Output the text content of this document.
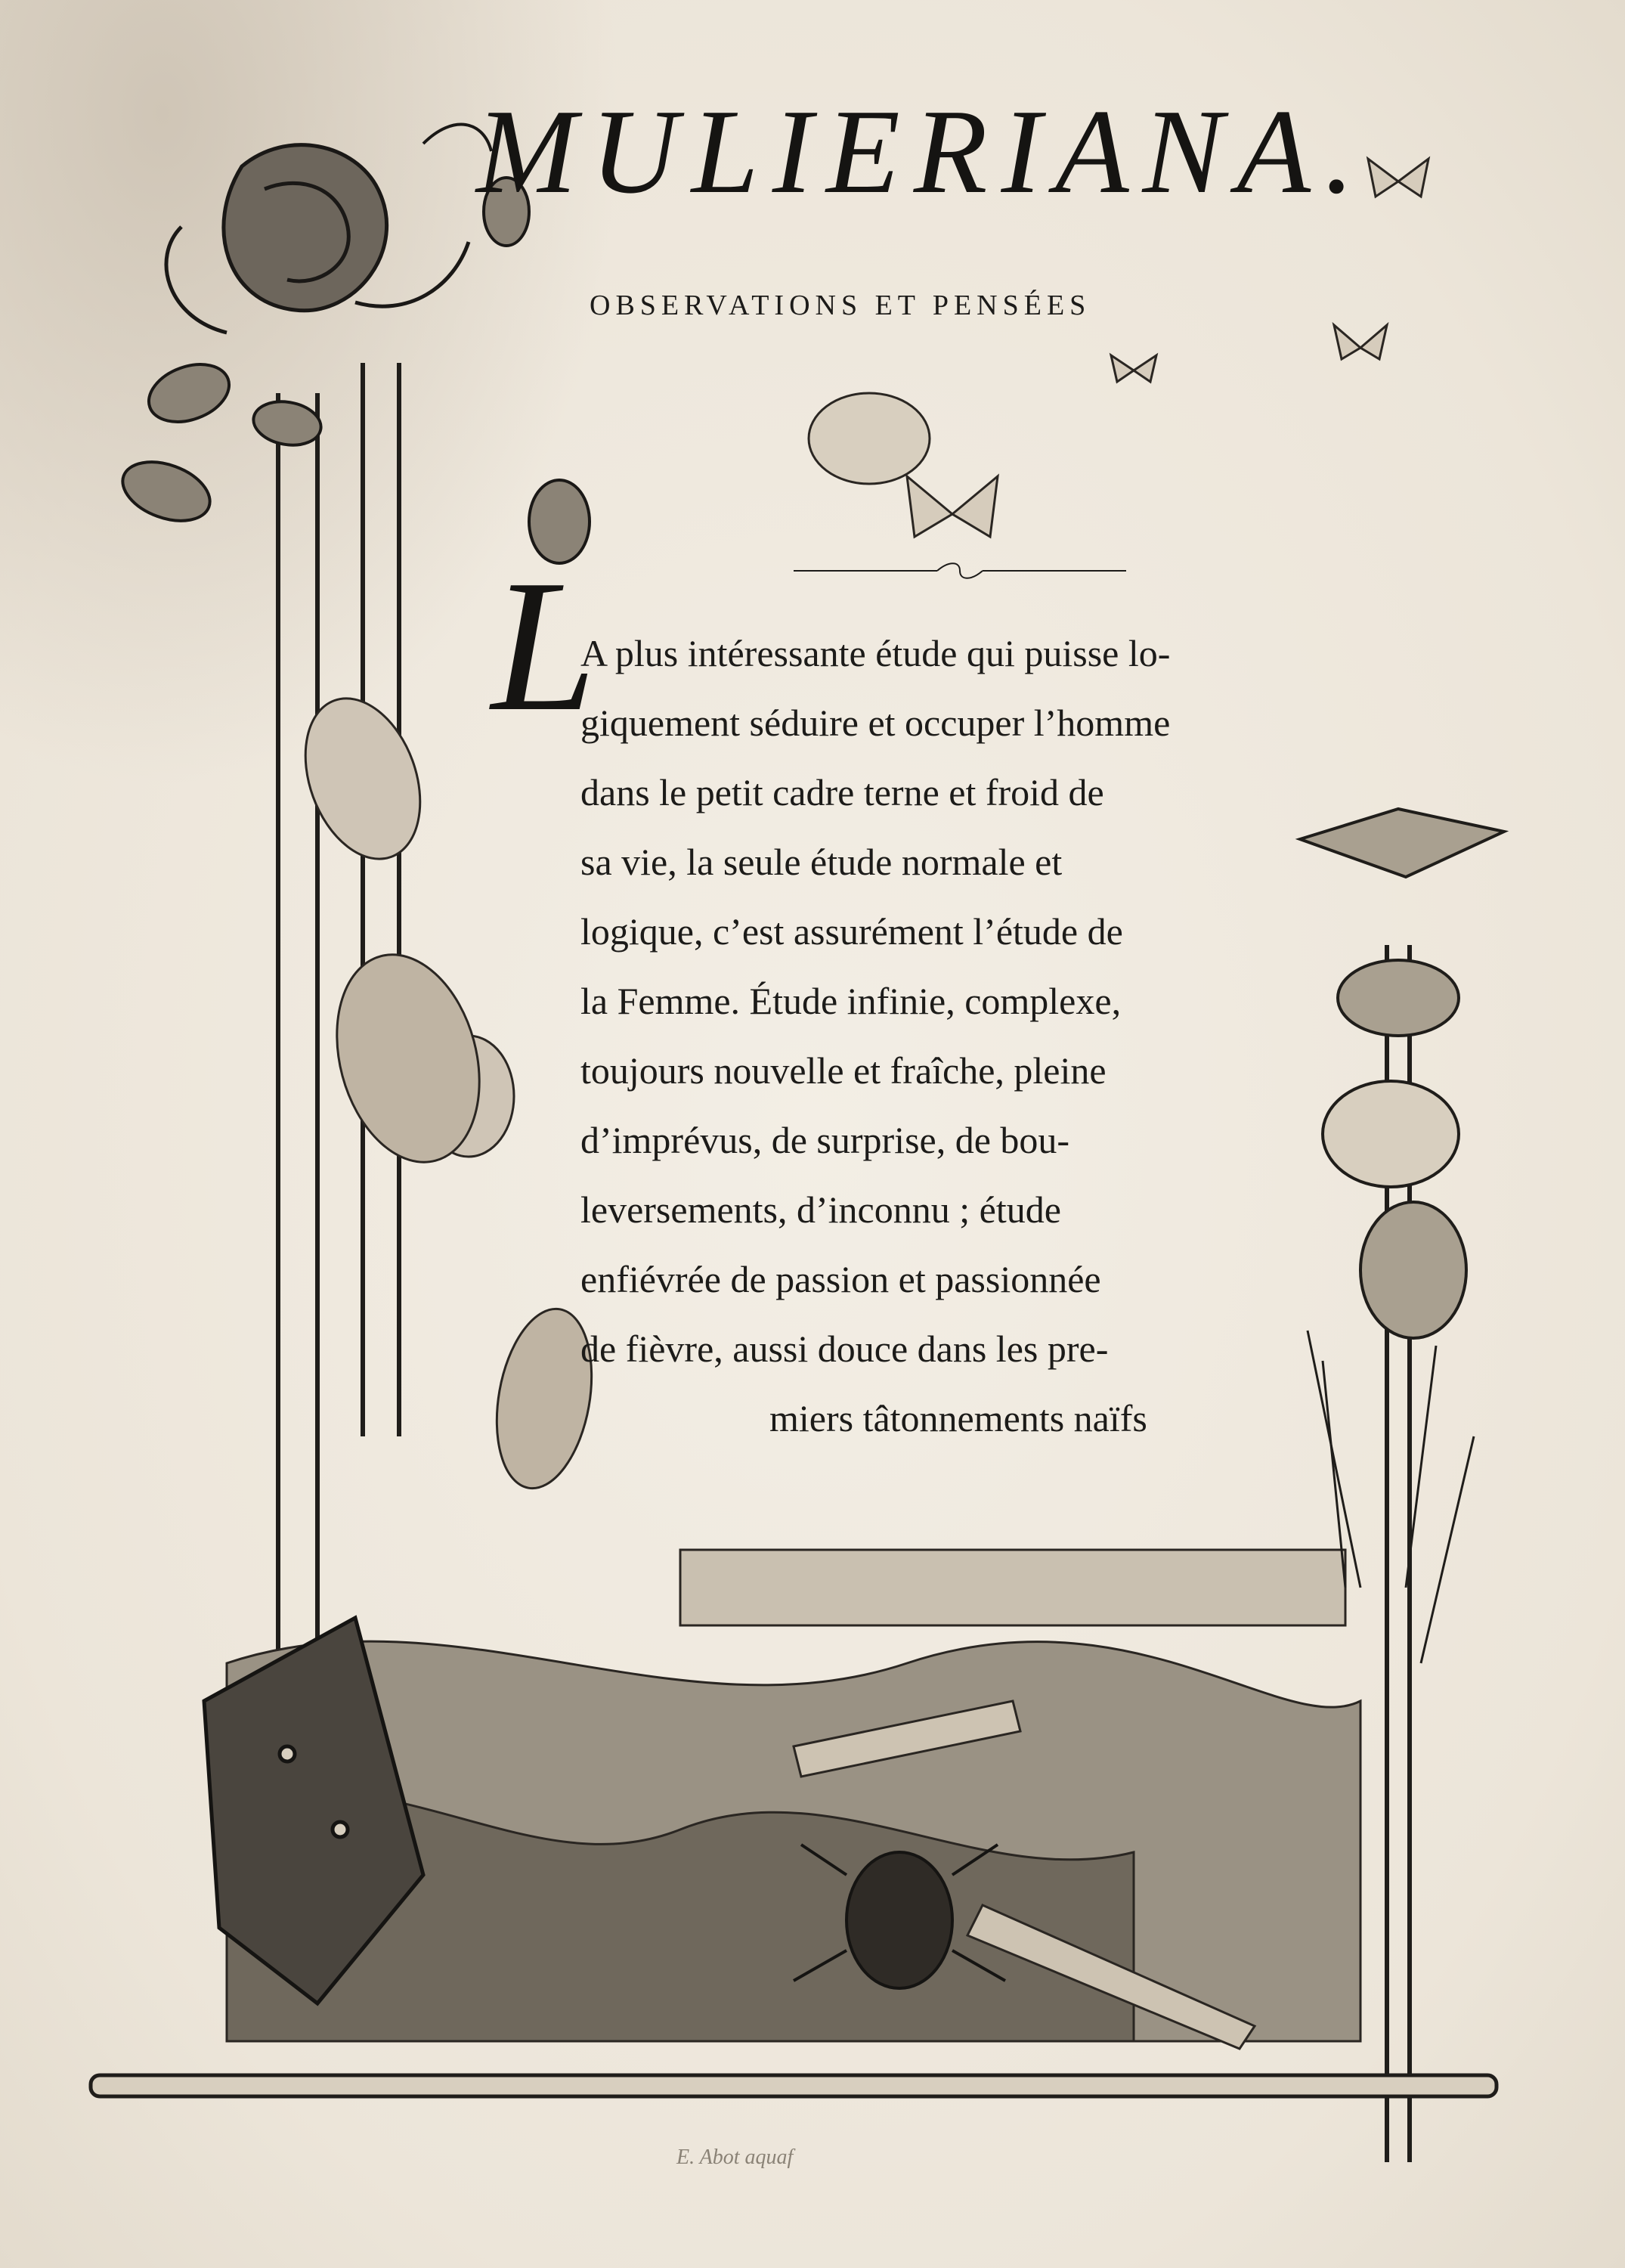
MULIERIANA.
OBSERVATIONS ET PENSÉES
L
A plus intéressante étude qui puisse lo-
giquement séduire et occuper l’homme
dans le petit cadre terne et froid de
sa vie, la seule étude normale et
logique, c’est assurément l’étude de
la Femme. Étude infinie, complexe,
toujours nouvelle et fraîche, pleine
d’imprévus, de surprise, de bou-
leversements, d’inconnu ; étude
enfiévrée de passion et passionnée
de fièvre, aussi douce dans les pre-
miers tâtonnements naïfs
E. Abot aquaf
